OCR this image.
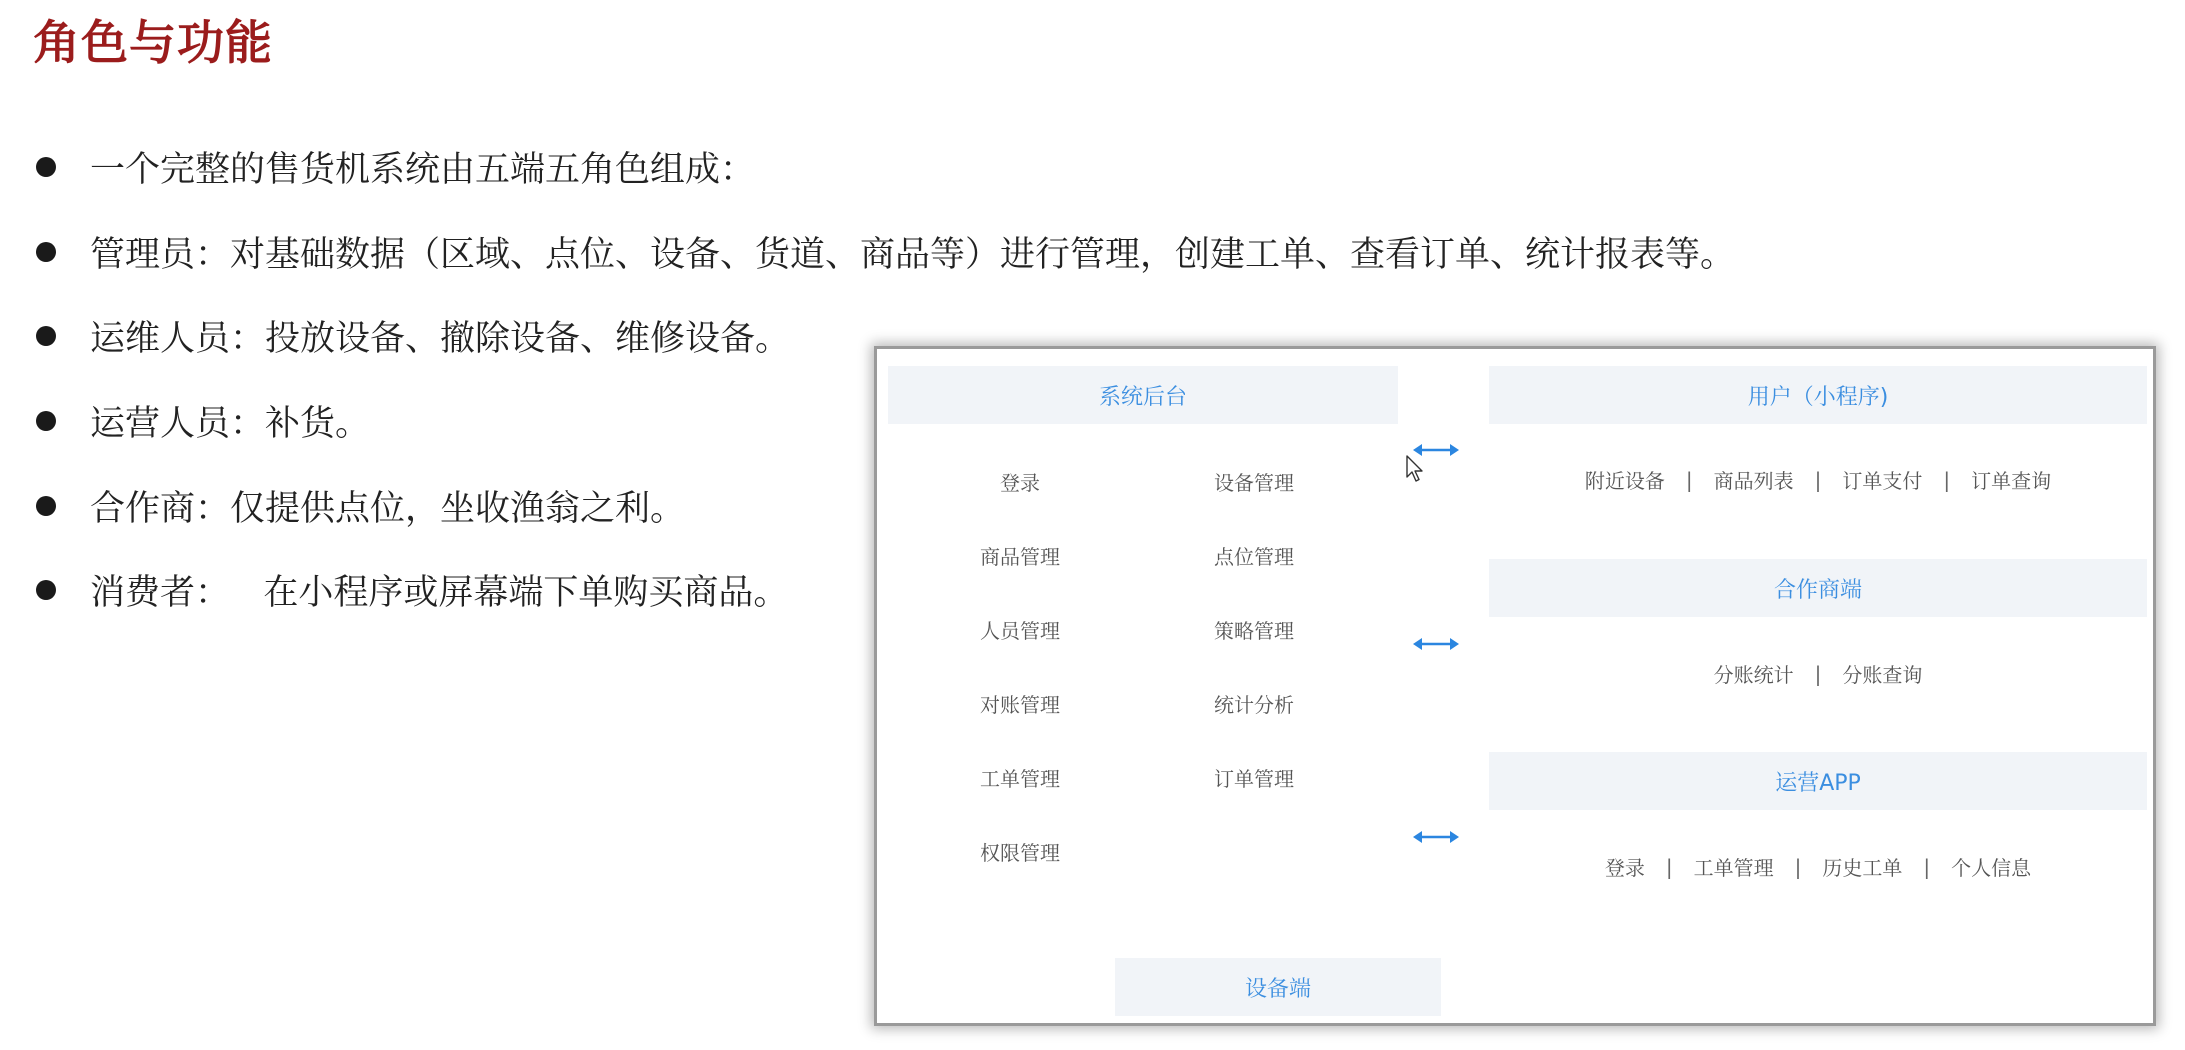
角色与功能
一个完整的售货机系统由五端五角色组成：
管理员：对基础数据（区域、点位、设备、货道、商品等）进行管理，创建工单、查看订单、统计报表等。
运维人员：投放设备、撤除设备、维修设备。
运营人员：补货。
合作商：仅提供点位，坐收渔翁之利。
消费者：   在小程序或屏幕端下单购买商品。
系统后台
登录
商品管理
人员管理
对账管理
工单管理
权限管理
设备管理
点位管理
策略管理
统计分析
订单管理
用户（小程序)
附近设备 | 商品列表 | 订单支付 | 订单查询
合作商端
分账统计 | 分账查询
运营APP
登录 | 工单管理 | 历史工单 | 个人信息
设备端
